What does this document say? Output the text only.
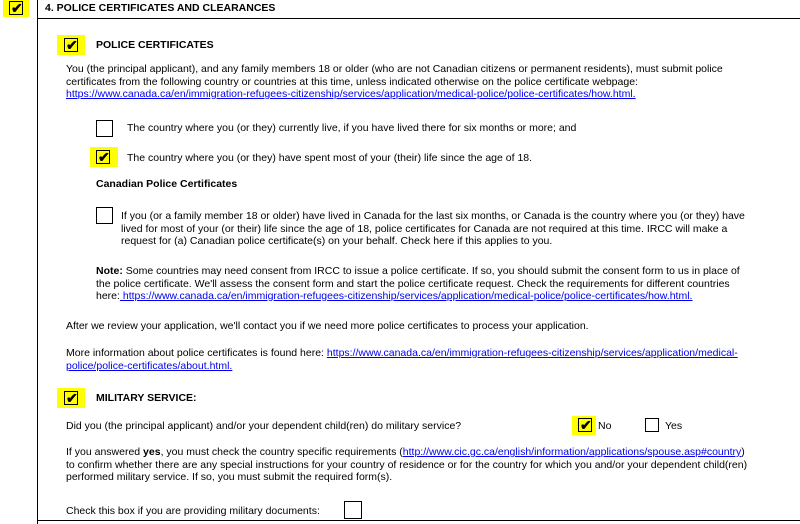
✔ 4. POLICE CERTIFICATES AND CLEARANCES
✔ POLICE CERTIFICATES
You (the principal applicant), and any family members 18 or older (who are not Canadian citizens or permanent residents), must submit police
certificates from the following country or countries at this time, unless indicated otherwise on the police certificate webpage:
https://www.canada.ca/en/immigration-refugees-citizenship/services/application/medical-police/police-certificates/how.html.
The country where you (or they) currently live, if you have lived there for six months or more; and
✔ The country where you (or they) have spent most of your (their) life since the age of 18.
Canadian Police Certificates
If you (or a family member 18 or older) have lived in Canada for the last six months, or Canada is the country where you (or they) have
lived for most of your (or their) life since the age of 18, police certificates for Canada are not required at this time. IRCC will make a
request for (a) Canadian police certificate(s) on your behalf. Check here if this applies to you.
Note: Some countries may need consent from IRCC to issue a police certificate. If so, you should submit the consent form to us in place of
the police certificate. We'll assess the consent form and start the police certificate request. Check the requirements for different countries
here: https://www.canada.ca/en/immigration-refugees-citizenship/services/application/medical-police/police-certificates/how.html.
After we review your application, we'll contact you if we need more police certificates to process your application.
More information about police certificates is found here: https://www.canada.ca/en/immigration-refugees-citizenship/services/application/medical-
police/police-certificates/about.html.
✔ MILITARY SERVICE:
Did you (the principal applicant) and/or your dependent child(ren) do military service?	✔ No	Yes
If you answered yes, you must check the country specific requirements (http://www.cic.gc.ca/english/information/applications/spouse.asp#country)
to confirm whether there are any special instructions for your country of residence or for the country for which you and/or your dependent child(ren)
performed military service. If so, you must submit the required form(s).
Check this box if you are providing military documents:
